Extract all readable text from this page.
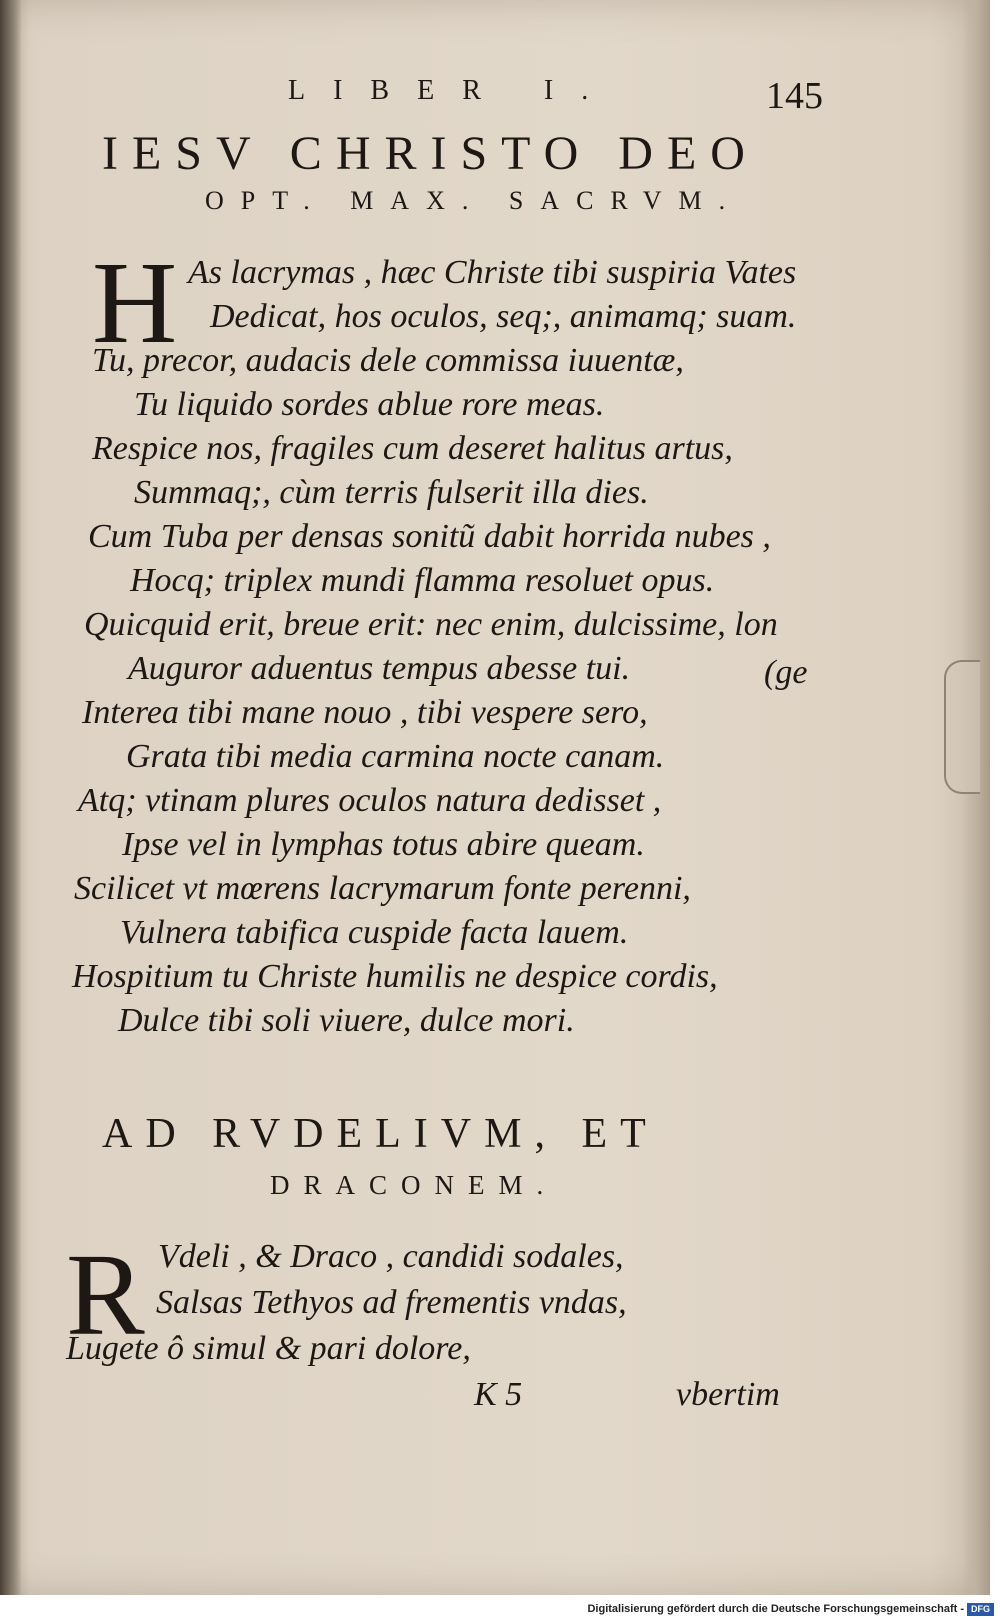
LIBER I.	145
IESV CHRISTO DEO
OPT. MAX. SACRVM.
H As lacrymas , hæc Christe tibi suspiria Vates
Dedicat, hos oculos, seq;, animamq; suam.
Tu, precor, audacis dele commissa iuuentæ,
Tu liquido sordes ablue rore meas.
Respice nos, fragiles cum deseret halitus artus,
Summaq;, cùm terris fulserit illa dies.
Cum Tuba per densas sonitũ dabit horrida nubes ,
Hocq; triplex mundi flamma resoluet opus.
Quicquid erit, breue erit: nec enim, dulcissime, lon
Auguror aduentus tempus abesse tui.	(ge
Interea tibi mane nouo , tibi vespere sero,
Grata tibi media carmina nocte canam.
Atq; vtinam plures oculos natura dedisset ,
Ipse vel in lymphas totus abire queam.
Scilicet vt mœrens lacrymarum fonte perenni,
Vulnera tabifica cuspide facta lauem.
Hospitium tu Christe humilis ne despice cordis,
Dulce tibi soli viuere, dulce mori.
AD RVDELIVM, ET
DRACONEM.
R Vdeli , & Draco , candidi sodales,
Salsas Tethyos ad frementis vndas,
Lugete ô simul & pari dolore,
K 5	vbertim
Digitalisierung gefördert durch die Deutsche Forschungsgemeinschaft - DFG
